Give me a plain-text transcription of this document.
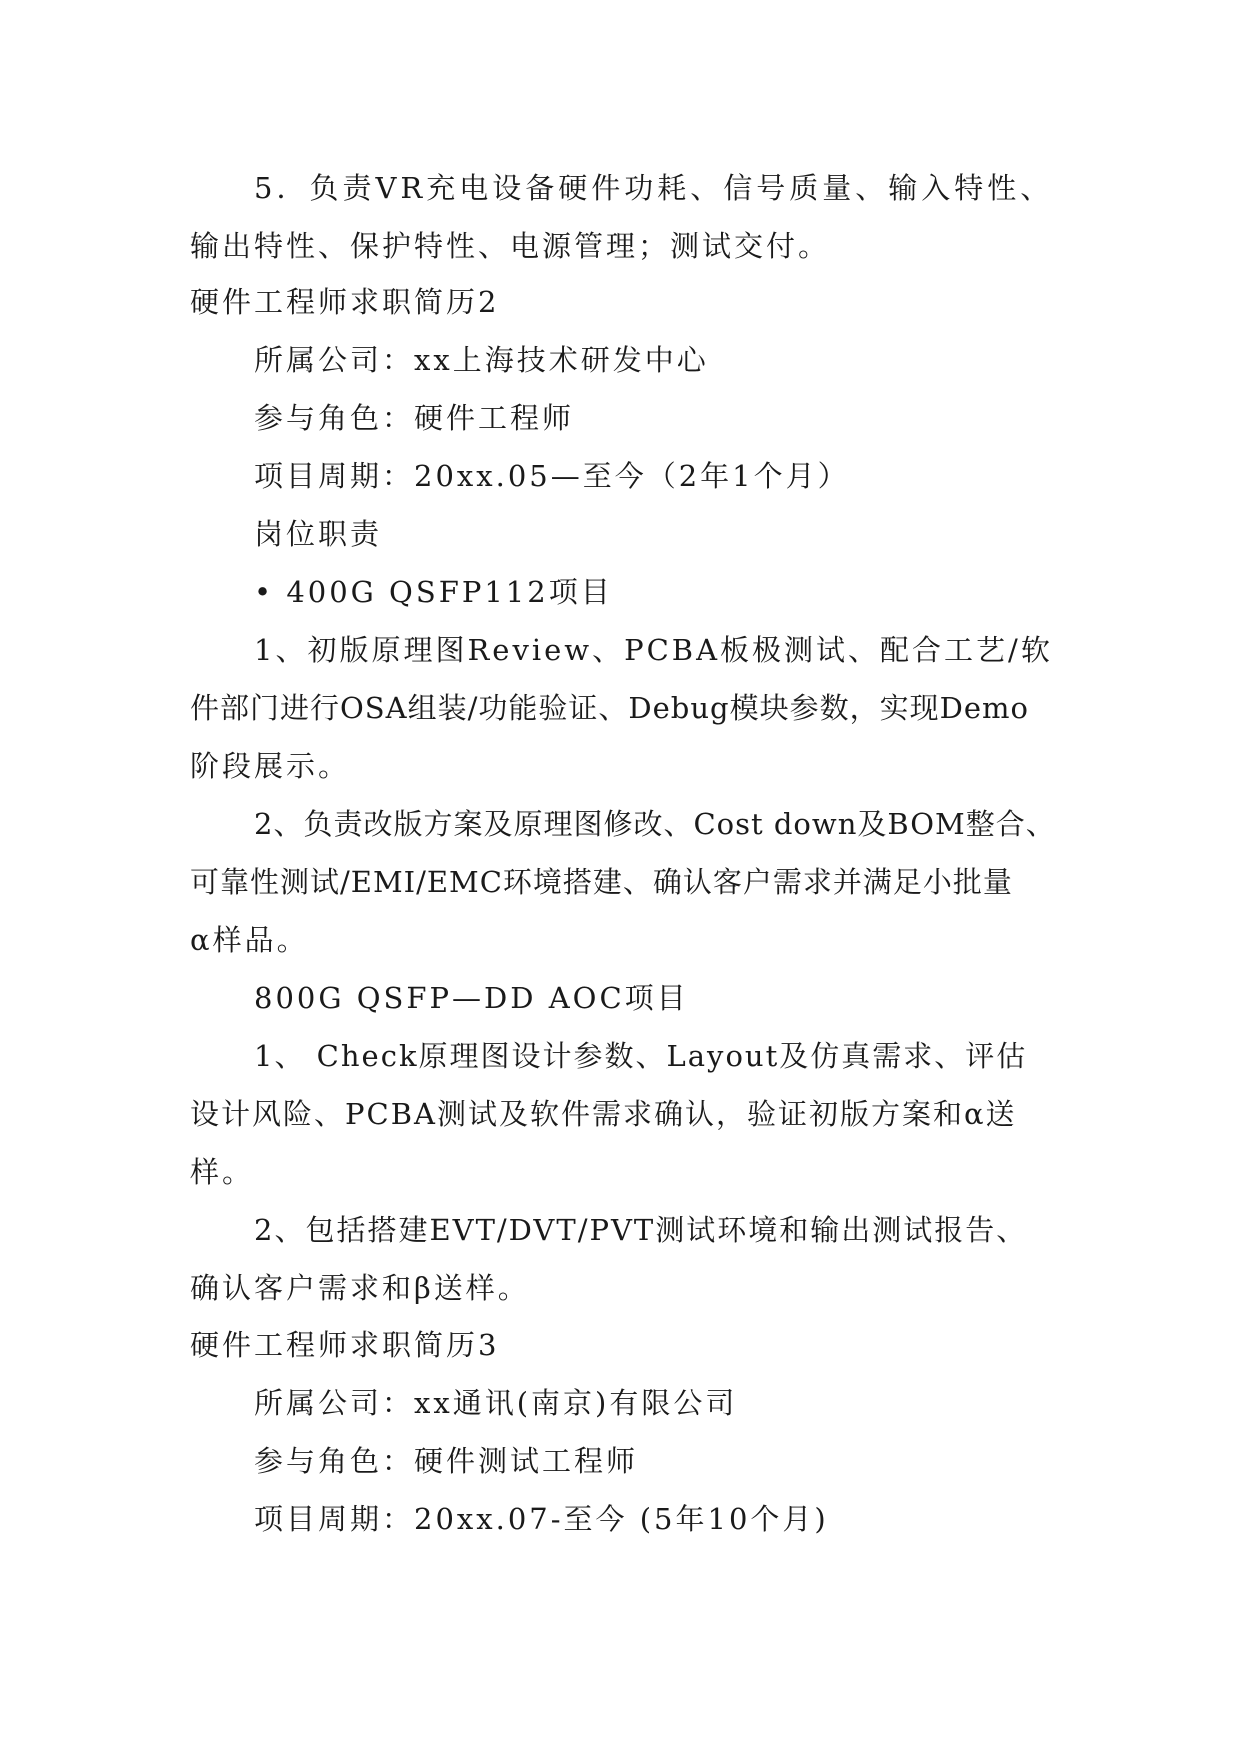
5．负责VR充电设备硬件功耗、信号质量、输入特性、
输出特性、保护特性、电源管理；测试交付。
硬件工程师求职简历2
所属公司：xx上海技术研发中心
参与角色：硬件工程师
项目周期：20xx.05—至今（2年1个月）
岗位职责
• 400G QSFP112项目
1、初版原理图Review、PCBA板极测试、配合工艺/软
件部门进行OSA组装/功能验证、Debug模块参数，实现Demo
阶段展示。
2、负责改版方案及原理图修改、Cost down及BOM整合、
可靠性测试/EMI/EMC环境搭建、确认客户需求并满足小批量
α样品。
800G QSFP—DD AOC项目
1、 Check原理图设计参数、Layout及仿真需求、评估
设计风险、PCBA测试及软件需求确认，验证初版方案和α送
样。
2、包括搭建EVT/DVT/PVT测试环境和输出测试报告、
确认客户需求和β送样。
硬件工程师求职简历3
所属公司：xx通讯(南京)有限公司
参与角色：硬件测试工程师
项目周期：20xx.07-至今 (5年10个月)
